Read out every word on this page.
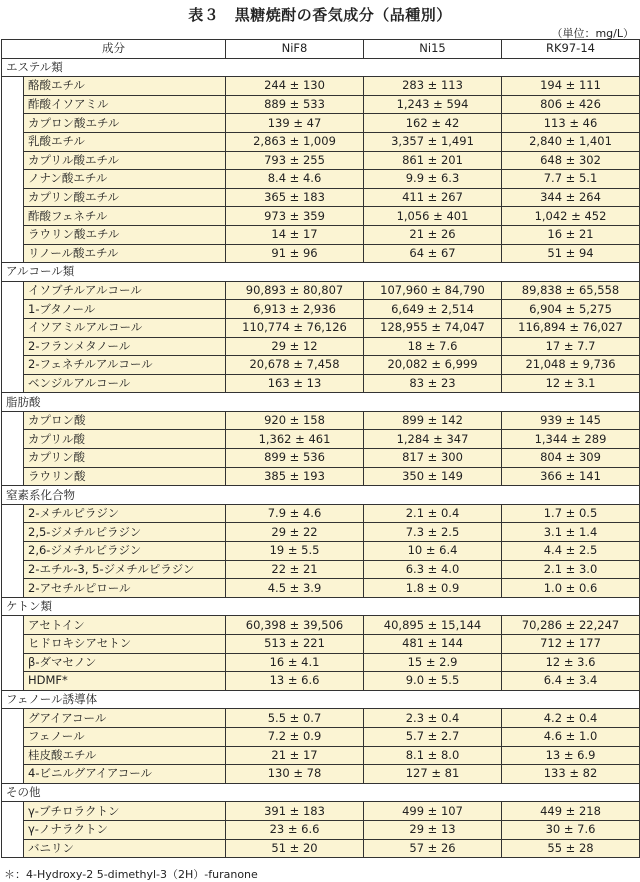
表３　黒糖焼酎の香気成分（品種別）
（単位：mg/L）
成分		NiF8	Ni15	RK97-14
エステル類				
	酪酸エチル	244 ± 130	283 ± 113	194 ± 111
	酢酸イソアミル	889 ± 533	1,243 ± 594	806 ± 426
	カプロン酸エチル	139 ± 47	162 ± 42	113 ± 46
	乳酸エチル	2,863 ± 1,009	3,357 ± 1,491	2,840 ± 1,401
	カプリル酸エチル	793 ± 255	861 ± 201	648 ± 302
	ノナン酸エチル	8.4 ± 4.6	9.9 ± 6.3	7.7 ± 5.1
	カプリン酸エチル	365 ± 183	411 ± 267	344 ± 264
	酢酸フェネチル	973 ± 359	1,056 ± 401	1,042 ± 452
	ラウリン酸エチル	14 ± 17	21 ± 26	16 ± 21
	リノール酸エチル	91 ± 96	64 ± 67	51 ± 94
アルコール類				
	イソブチルアルコール	90,893 ± 80,807	107,960 ± 84,790	89,838 ± 65,558
	1-ブタノール	6,913 ± 2,936	6,649 ± 2,514	6,904 ± 5,275
	イソアミルアルコール	110,774 ± 76,126	128,955 ± 74,047	116,894 ± 76,027
	2-フランメタノール	29 ± 12	18 ± 7.6	17 ± 7.7
	2-フェネチルアルコール	20,678 ± 7,458	20,082 ± 6,999	21,048 ± 9,736
	ベンジルアルコール	163 ± 13	83 ± 23	12 ± 3.1
脂肪酸				
	カプロン酸	920 ± 158	899 ± 142	939 ± 145
	カプリル酸	1,362 ± 461	1,284 ± 347	1,344 ± 289
	カプリン酸	899 ± 536	817 ± 300	804 ± 309
	ラウリン酸	385 ± 193	350 ± 149	366 ± 141
窒素系化合物				
	2-メチルピラジン	7.9 ± 4.6	2.1 ± 0.4	1.7 ± 0.5
	2,5-ジメチルピラジン	29 ± 22	7.3 ± 2.5	3.1 ± 1.4
	2,6-ジメチルピラジン	19 ± 5.5	10 ± 6.4	4.4 ± 2.5
	2-エチル-3, 5-ジメチルピラジン	22 ± 21	6.3 ± 4.0	2.1 ± 3.0
	2-アセチルピロール	4.5 ± 3.9	1.8 ± 0.9	1.0 ± 0.6
ケトン類				
	アセトイン	60,398 ± 39,506	40,895 ± 15,144	70,286 ± 22,247
	ヒドロキシアセトン	513 ± 221	481 ± 144	712 ± 177
	β-ダマセノン	16 ± 4.1	15 ± 2.9	12 ± 3.6
	HDMF*	13 ± 6.6	9.0 ± 5.5	6.4 ± 3.4
フェノール誘導体				
	グアイアコール	5.5 ± 0.7	2.3 ± 0.4	4.2 ± 0.4
	フェノール	7.2 ± 0.9	5.7 ± 2.7	4.6 ± 1.0
	桂皮酸エチル	21 ± 17	8.1 ± 8.0	13 ± 6.9
	4-ビニルグアイアコール	130 ± 78	127 ± 81	133 ± 82
その他				
	γ-ブチロラクトン	391 ± 183	499 ± 107	449 ± 218
	γ-ノナラクトン	23 ± 6.6	29 ± 13	30 ± 7.6
	バニリン	51 ± 20	57 ± 26	55 ± 28
＊：4-Hydroxy-2 5-dimethyl-3（2H）-furanone
